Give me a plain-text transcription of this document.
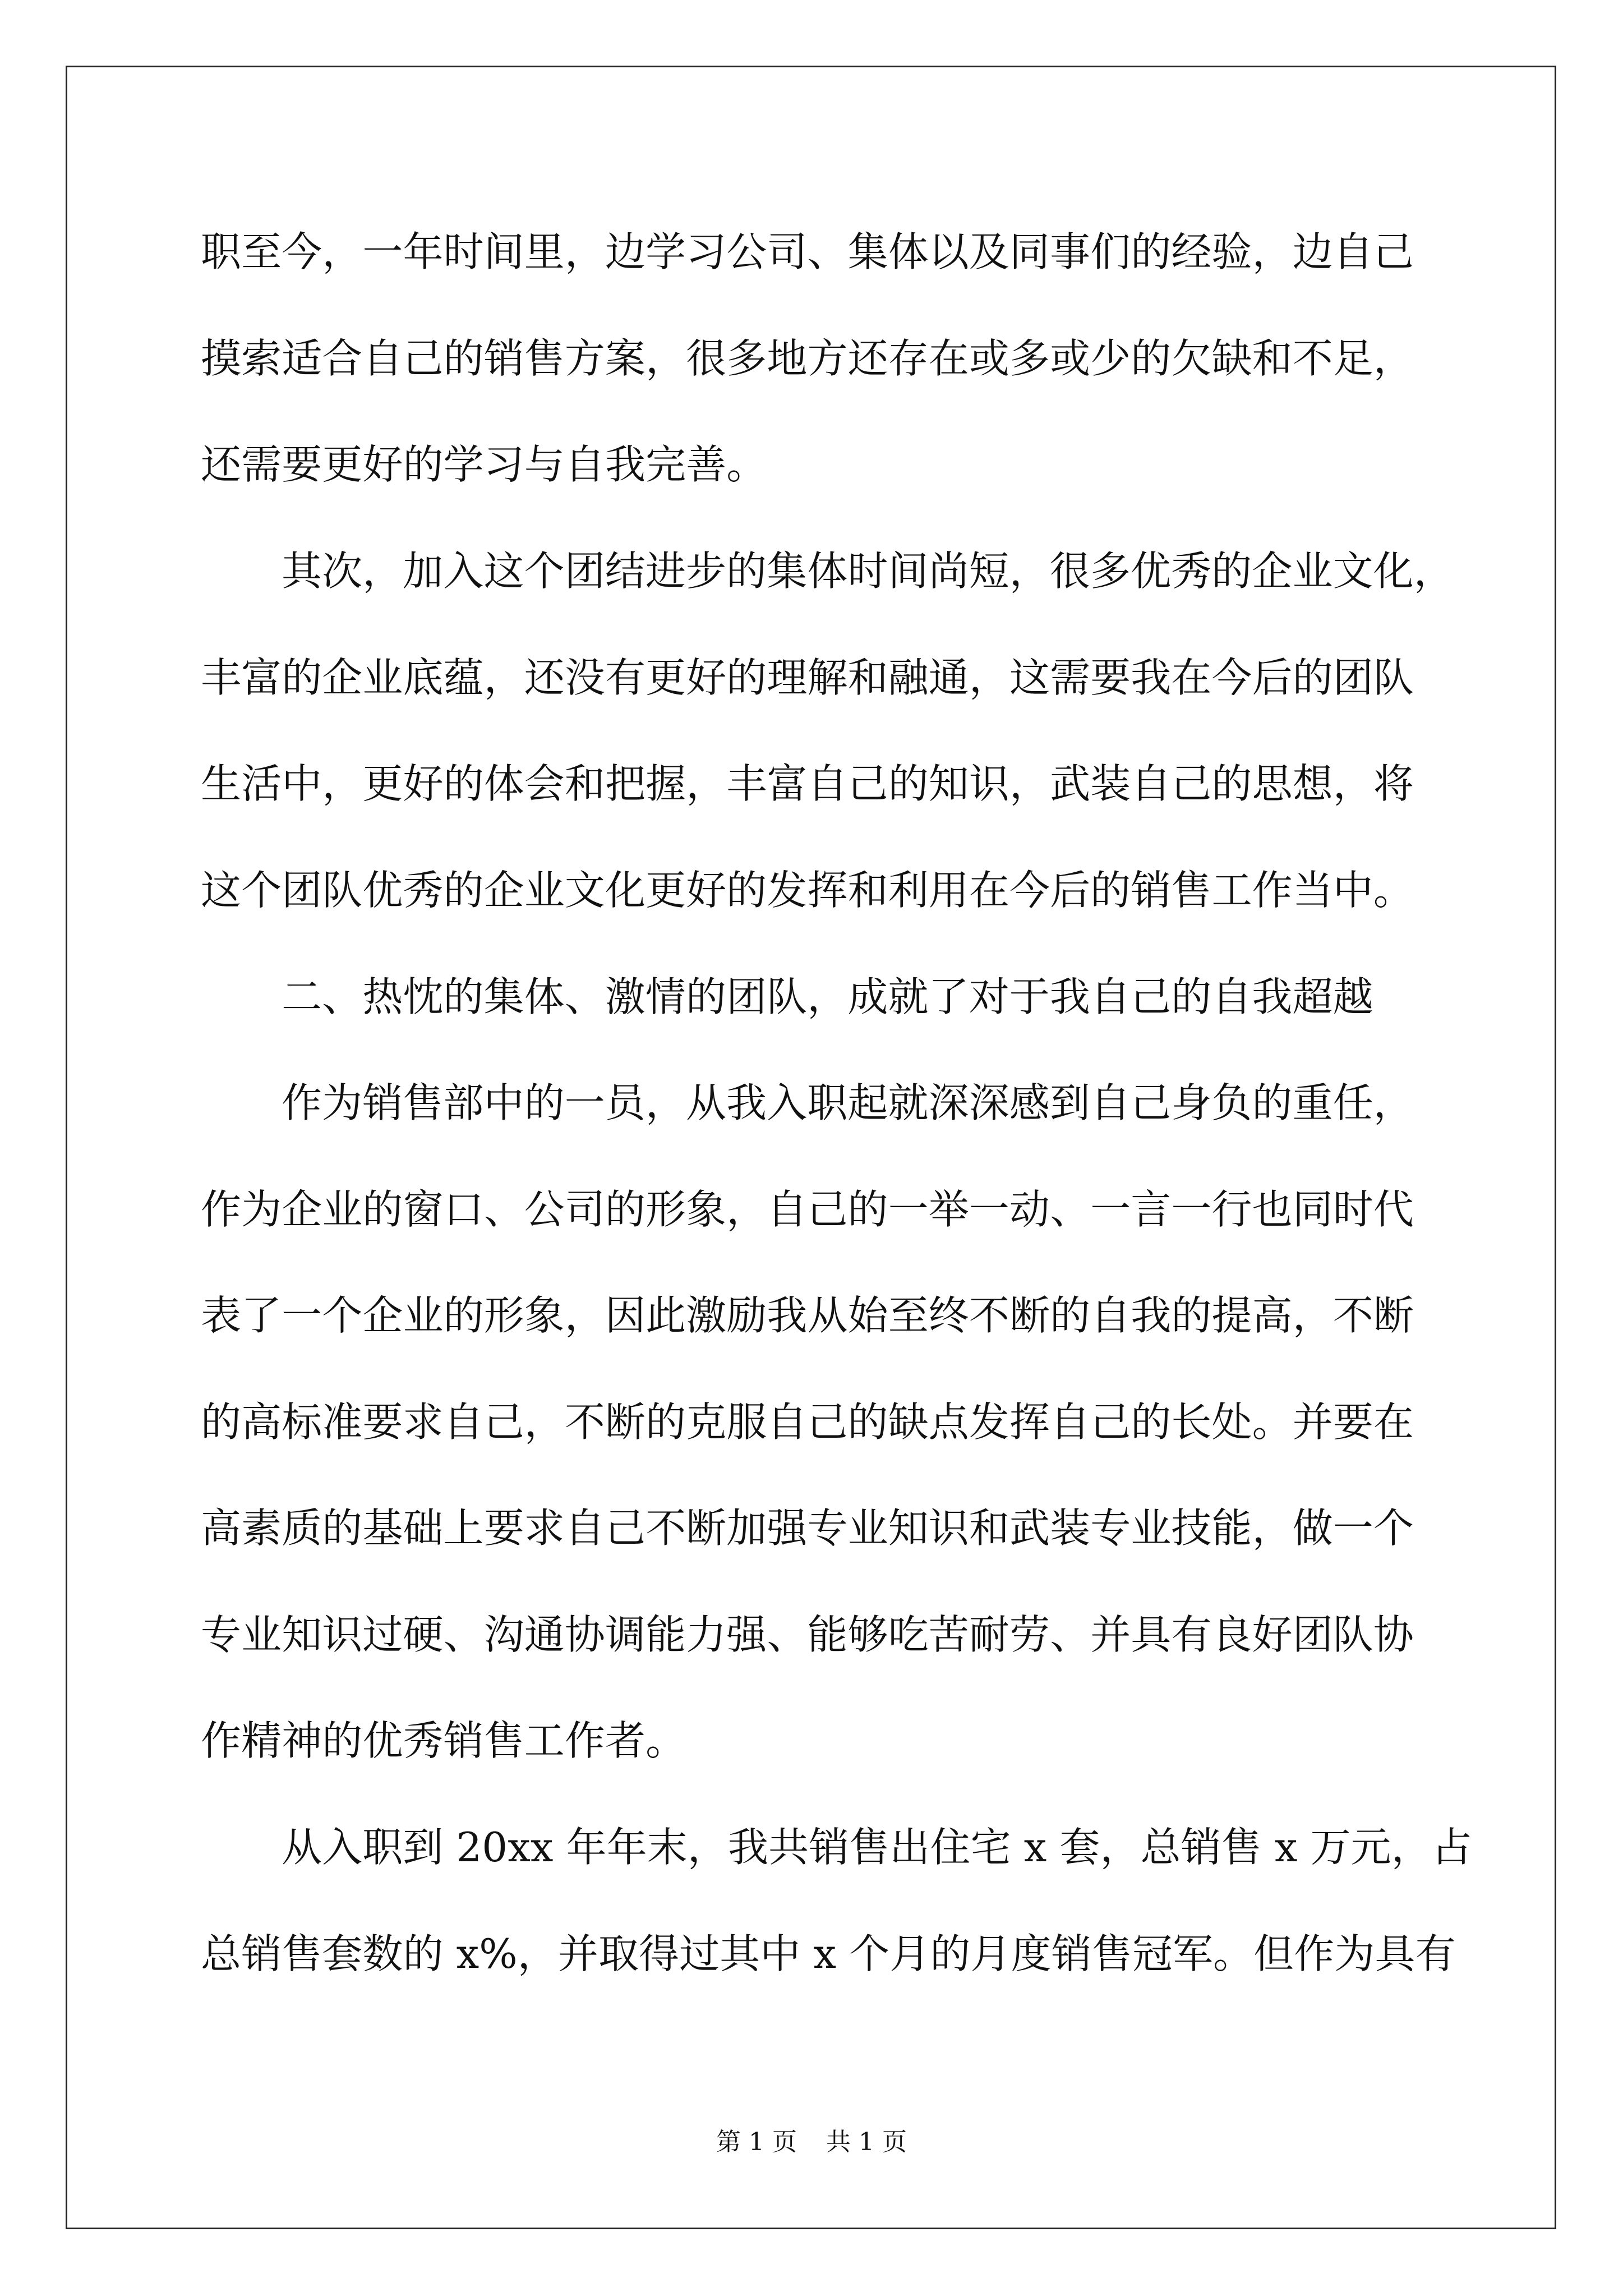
职至今，一年时间里，边学习公司、集体以及同事们的经验，边自己
摸索适合自己的销售方案，很多地方还存在或多或少的欠缺和不足，
还需要更好的学习与自我完善。
其次，加入这个团结进步的集体时间尚短，很多优秀的企业文化，
丰富的企业底蕴，还没有更好的理解和融通，这需要我在今后的团队
生活中，更好的体会和把握，丰富自己的知识，武装自己的思想，将
这个团队优秀的企业文化更好的发挥和利用在今后的销售工作当中。
二、热忱的集体、激情的团队，成就了对于我自己的自我超越
作为销售部中的一员，从我入职起就深深感到自己身负的重任，
作为企业的窗口、公司的形象，自己的一举一动、一言一行也同时代
表了一个企业的形象，因此激励我从始至终不断的自我的提高，不断
的高标准要求自己，不断的克服自己的缺点发挥自己的长处。并要在
高素质的基础上要求自己不断加强专业知识和武装专业技能，做一个
专业知识过硬、沟通协调能力强、能够吃苦耐劳、并具有良好团队协
作精神的优秀销售工作者。
从入职到 20xx 年年末，我共销售出住宅 x 套，总销售 x 万元，占
总销售套数的 x%，并取得过其中 x 个月的月度销售冠军。但作为具有
第 1 页 共 1 页
